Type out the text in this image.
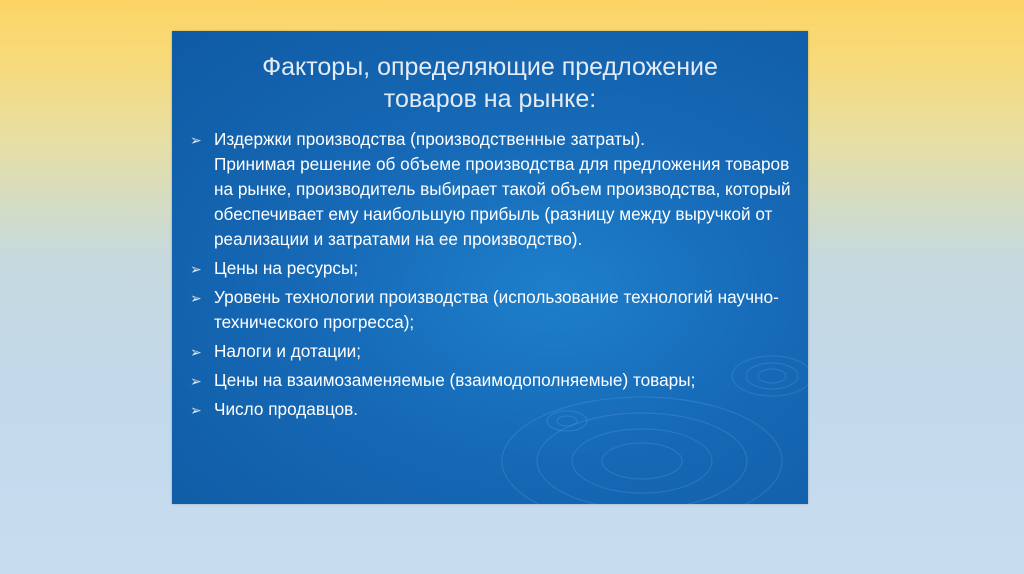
Факторы, определяющие предложение
товаров на рынке:
➢ Издержки производства (производственные затраты).
Принимая решение об объеме производства для предложения товаров на рынке, производитель выбирает такой объем производства, который обеспечивает ему наибольшую прибыль (разницу между выручкой от реализации и затратами на ее производство).
➢ Цены на ресурсы;
➢ Уровень технологии производства (использование технологий научно-технического прогресса);
➢ Налоги и дотации;
➢ Цены на взаимозаменяемые (взаимодополняемые) товары;
➢ Число продавцов.
